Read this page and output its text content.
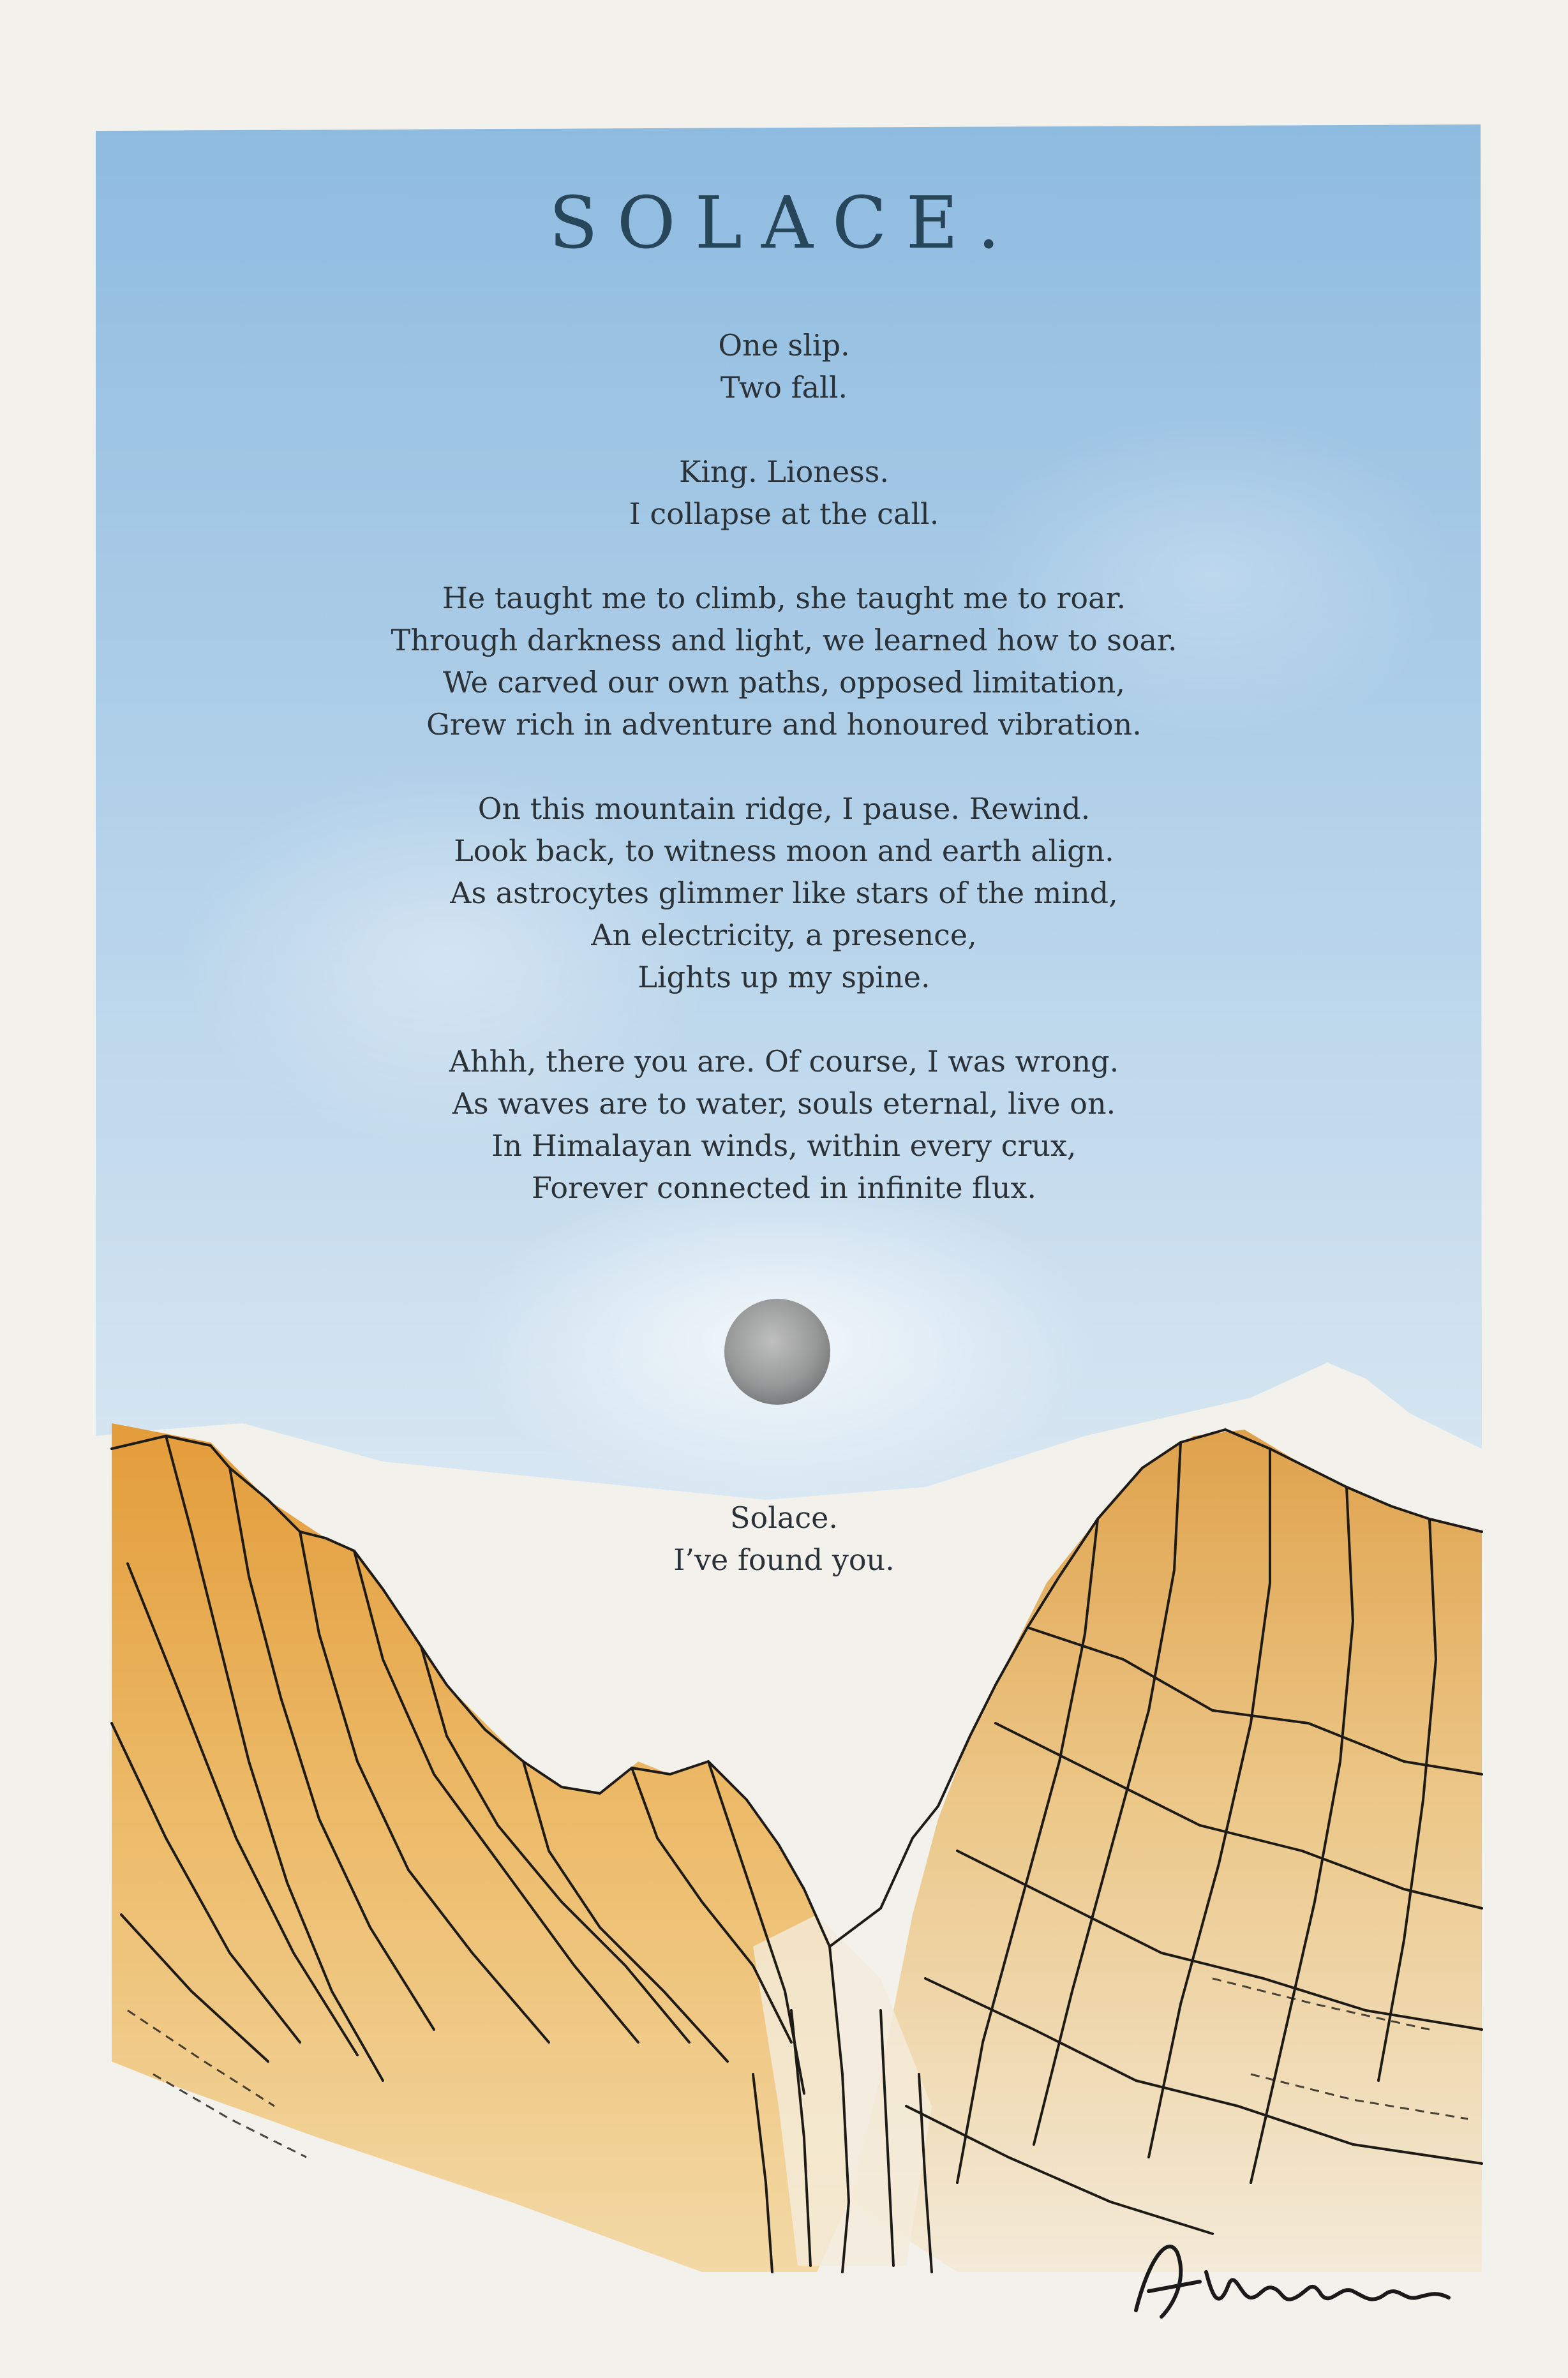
SOLACE.

One slip.
Two fall.

King. Lioness.
I collapse at the call.

He taught me to climb, she taught me to roar.
Through darkness and light, we learned how to soar.
We carved our own paths, opposed limitation,
Grew rich in adventure and honoured vibration.

On this mountain ridge, I pause. Rewind.
Look back, to witness moon and earth align.
As astrocytes glimmer like stars of the mind,
An electricity, a presence,
Lights up my spine.

Ahhh, there you are. Of course, I was wrong.
As waves are to water, souls eternal, live on.
In Himalayan winds, within every crux,
Forever connected in infinite flux.

Solace.
I’ve found you.
